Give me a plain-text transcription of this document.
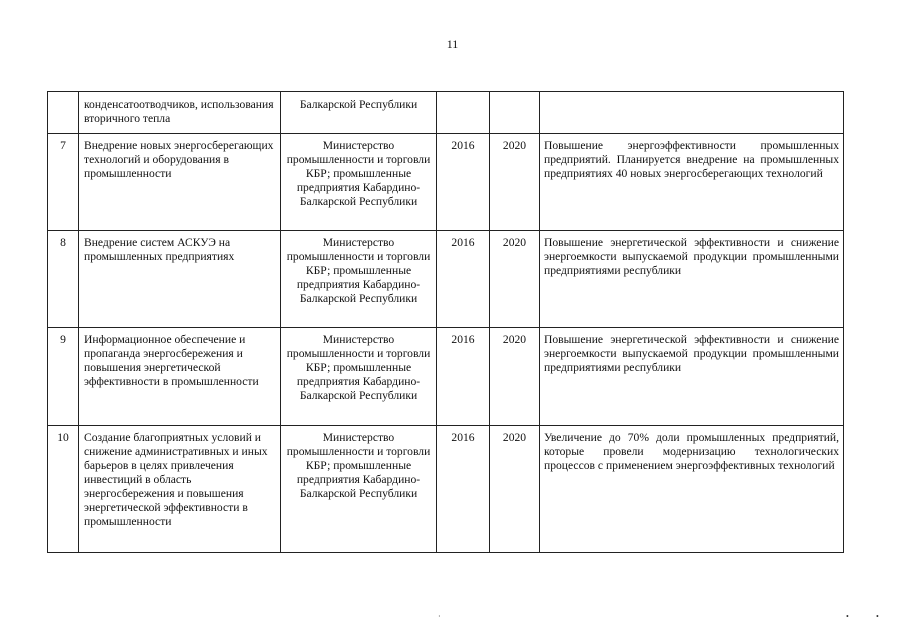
11
	конденсатоотводчиков, использования вторичного тепла	Балкарской Республики			
7	Внедрение новых энергосберегающих технологий и оборудования в промышленности	Министерство промышленности и торговли КБР; промышленные предприятия Кабардино-Балкарской Республики	2016	2020	Повышение энергоэффективности промышленных предприятий. Планируется внедрение на промышленных предприятиях 40 новых энергосберегающих технологий
8	Внедрение систем АСКУЭ на промышленных предприятиях	Министерство промышленности и торговли КБР; промышленные предприятия Кабардино-Балкарской Республики	2016	2020	Повышение энергетической эффективности и снижение энергоемкости выпускаемой продукции промышленными предприятиями республики
9	Информационное обеспечение и пропаганда энергосбережения и повышения энергетической эффективности в промышленности	Министерство промышленности и торговли КБР; промышленные предприятия Кабардино-Балкарской Республики	2016	2020	Повышение энергетической эффективности и снижение энергоемкости выпускаемой продукции промышленными предприятиями республики
10	Создание благоприятных условий и снижение административных и иных барьеров в целях привлечения инвестиций в область энергосбережения и повышения энергетической эффективности в промышленности	Министерство промышленности и торговли КБР; промышленные предприятия Кабардино-Балкарской Республики	2016	2020	Увеличение до 70% доли промышленных предприятий, которые провели модернизацию технологических процессов с применением энергоэффективных технологий
·	•	•
